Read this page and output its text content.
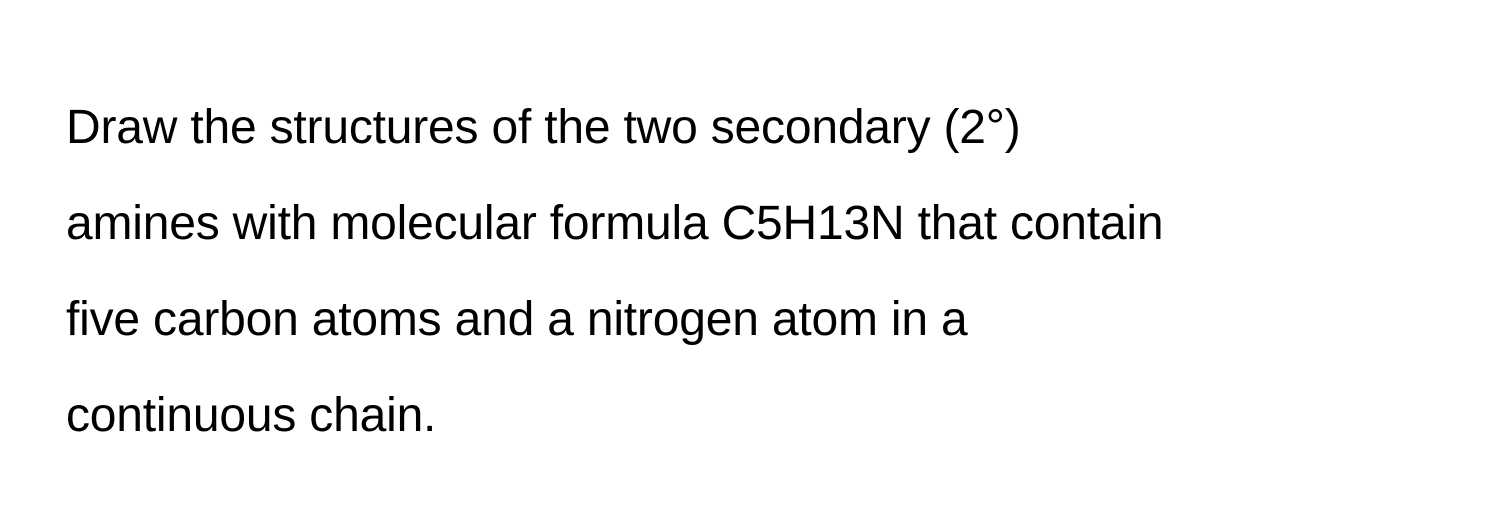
Draw the structures of the two secondary (2°)
amines with molecular formula C5H13N that contain
five carbon atoms and a nitrogen atom in a
continuous chain.
